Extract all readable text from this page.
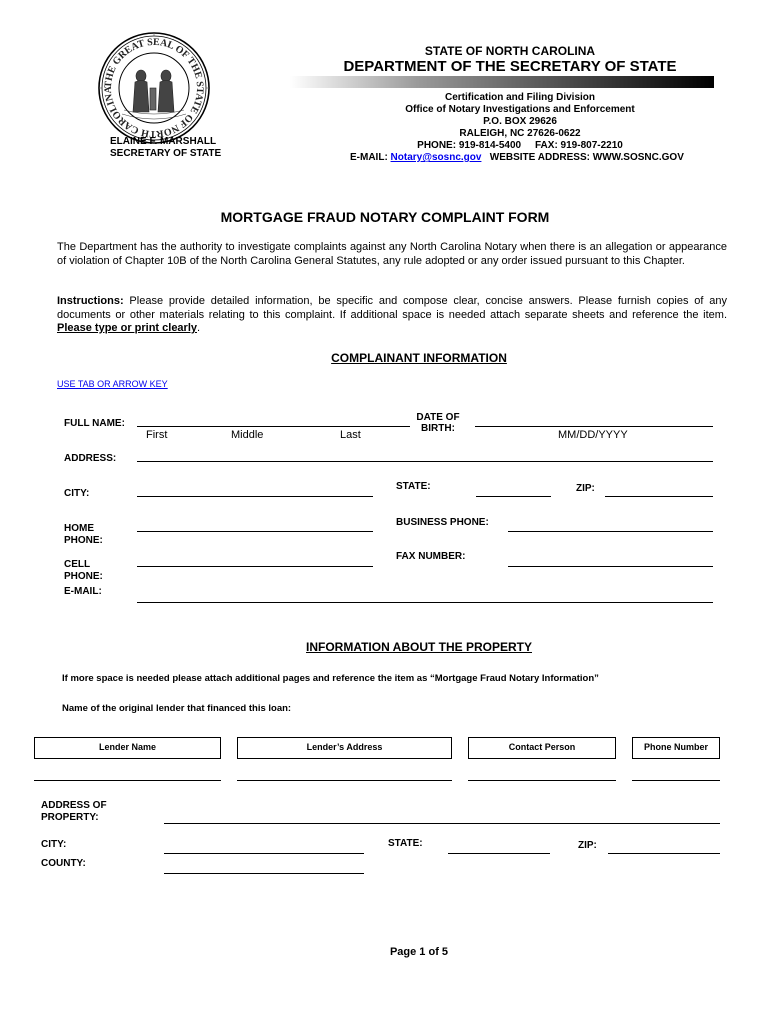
THE GREAT SEAL OF THE STATE OF NORTH CAROLINA
STATE OF NORTH CAROLINA
DEPARTMENT OF THE SECRETARY OF STATE
ELAINE F. MARSHALL
SECRETARY OF STATE
Certification and Filing Division
Office of Notary Investigations and Enforcement
P.O. BOX 29626
RALEIGH, NC 27626-0622
PHONE: 919-814-5400     FAX: 919-807-2210
E-MAIL: Notary@sosnc.gov WEBSITE ADDRESS: WWW.SOSNC.GOV
MORTGAGE FRAUD NOTARY COMPLAINT FORM

The Department has the authority to investigate complaints against any North Carolina Notary when there is an allegation or appearance of violation of Chapter 10B of the North Carolina General Statutes, any rule adopted or any order issued pursuant to this Chapter.

Instructions: Please provide detailed information, be specific and compose clear, concise answers. Please furnish copies of any documents or other materials relating to this complaint. If additional space is needed attach separate sheets and reference the item. Please type or print clearly.

COMPLAINANT INFORMATION
USE TAB OR ARROW KEY
FULL NAME:
First	Middle	Last
DATE OF
BIRTH:
MM/DD/YYYY
ADDRESS:
CITY:
STATE:	ZIP:
HOME
PHONE:
BUSINESS PHONE:
CELL
PHONE:
FAX NUMBER:
E-MAIL:
INFORMATION ABOUT THE PROPERTY
If more space is needed please attach additional pages and reference the item as “Mortgage Fraud Notary Information”
Name of the original lender that financed this loan:
Lender Name	Lender’s Address	Contact Person	Phone Number
ADDRESS OF
PROPERTY:
CITY:	STATE:	ZIP:
COUNTY:
Page 1 of 5
